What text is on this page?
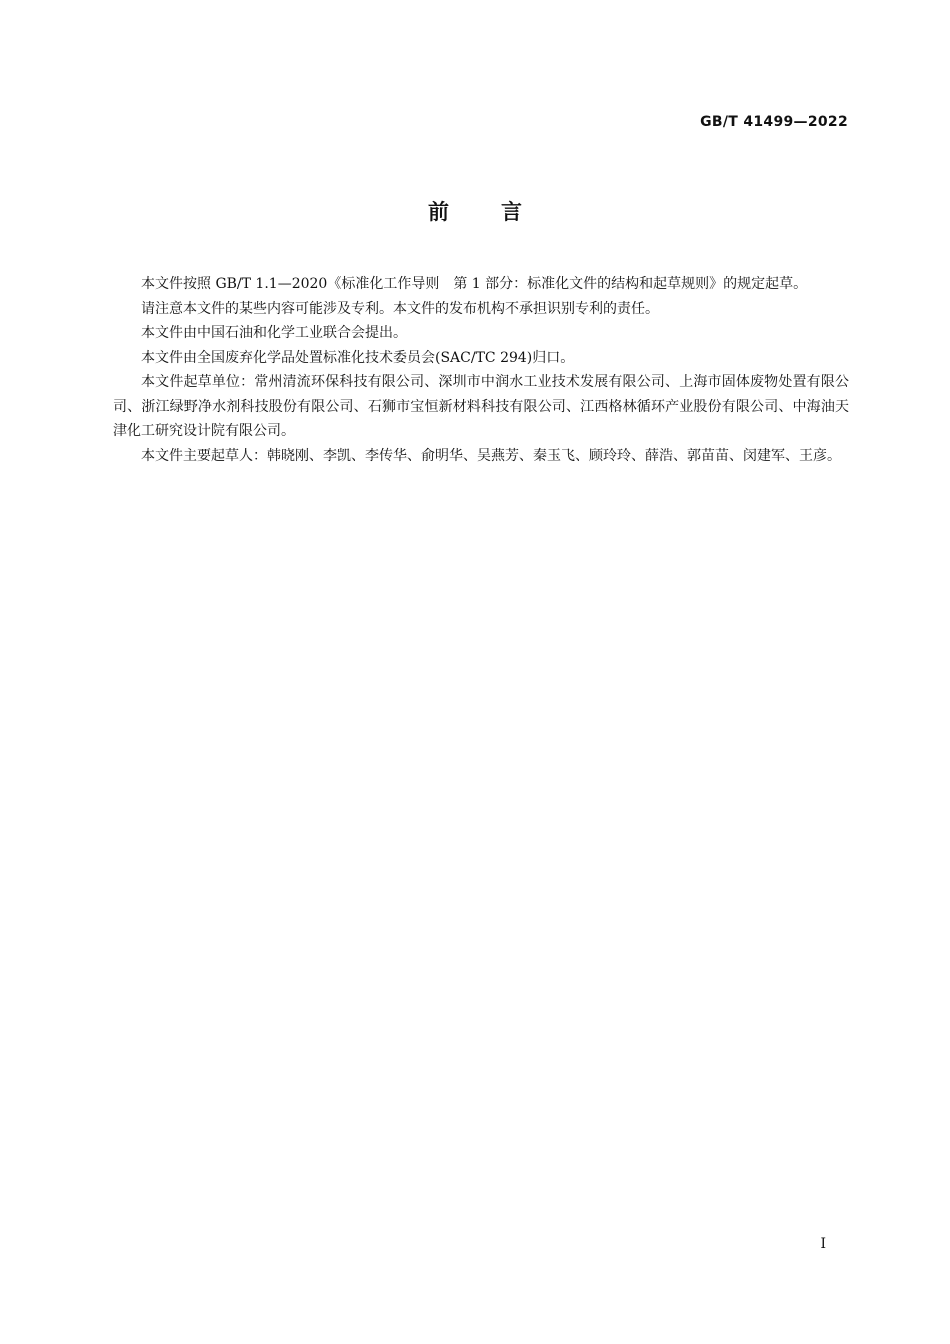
GB/T 41499—2022
前 言

本文件按照 GB/T 1.1—2020《标准化工作导则　第 1 部分：标准化文件的结构和起草规则》的规定起草。

请注意本文件的某些内容可能涉及专利。本文件的发布机构不承担识别专利的责任。

本文件由中国石油和化学工业联合会提出。

本文件由全国废弃化学品处置标准化技术委员会(SAC/TC 294)归口。

本文件起草单位：常州清流环保科技有限公司、深圳市中润水工业技术发展有限公司、上海市固体废物处置有限公司、浙江绿野净水剂科技股份有限公司、石狮市宝恒新材料科技有限公司、江西格林循环产业股份有限公司、中海油天津化工研究设计院有限公司。

本文件主要起草人：韩晓刚、李凯、李传华、俞明华、吴燕芳、秦玉飞、顾玲玲、薛浩、郭苗苗、闵建军、王彦。

I
